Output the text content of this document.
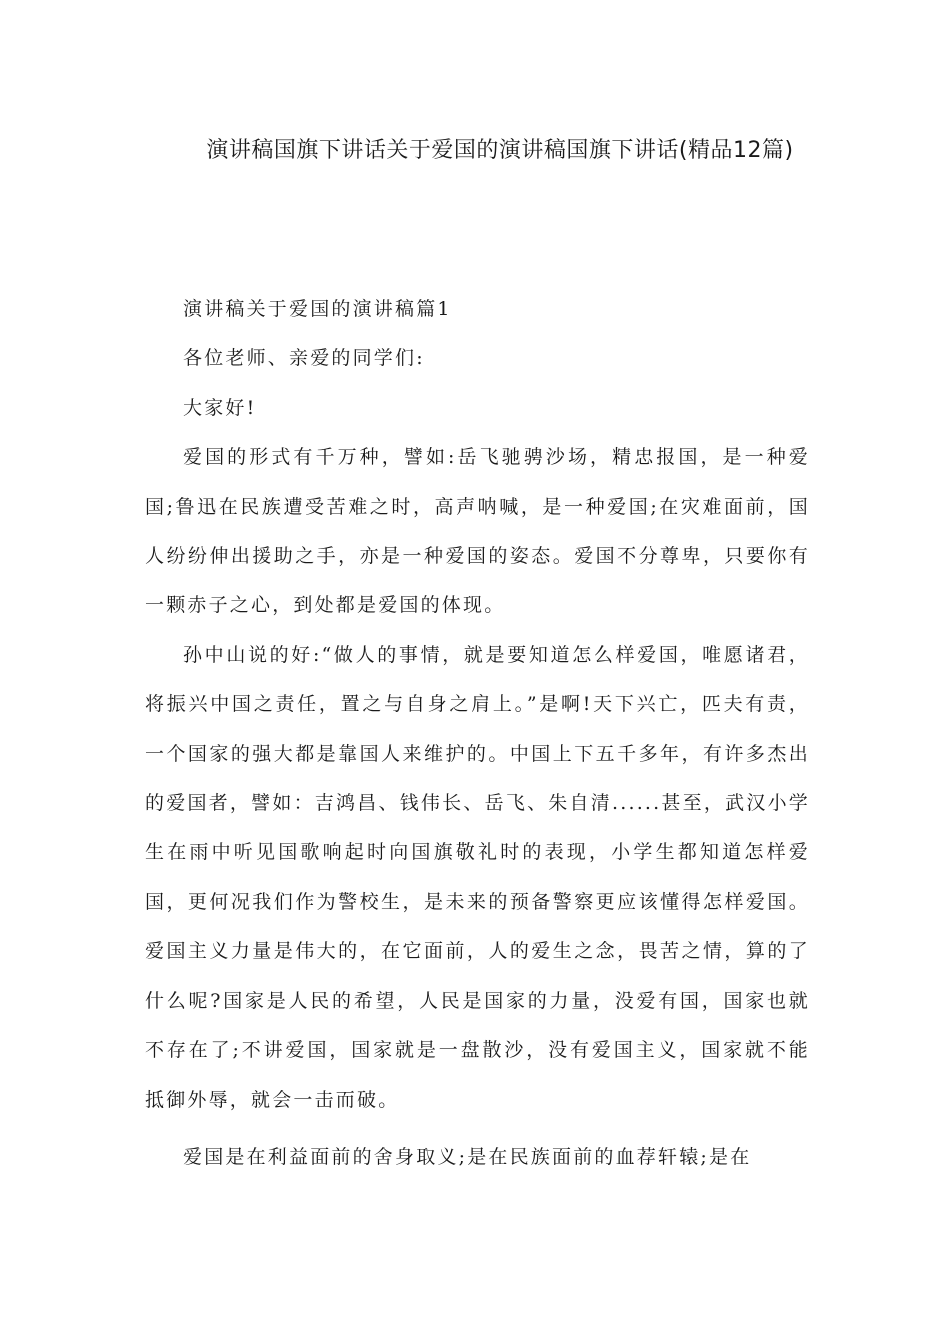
演讲稿国旗下讲话关于爱国的演讲稿国旗下讲话(精品12篇)

演讲稿关于爱国的演讲稿篇1

各位老师、亲爱的同学们:

大家好!

爱国的形式有千万种，譬如:岳飞驰骋沙场，精忠报国，是一种爱国;鲁迅在民族遭受苦难之时，高声呐喊，是一种爱国;在灾难面前，国人纷纷伸出援助之手，亦是一种爱国的姿态。爱国不分尊卑，只要你有一颗赤子之心，到处都是爱国的体现。

孙中山说的好:“做人的事情，就是要知道怎么样爱国，唯愿诸君，将振兴中国之责任，置之与自身之肩上。”是啊!天下兴亡，匹夫有责，一个国家的强大都是靠国人来维护的。中国上下五千多年，有许多杰出的爱国者，譬如：吉鸿昌、钱伟长、岳飞、朱自清......甚至，武汉小学生在雨中听见国歌响起时向国旗敬礼时的表现，小学生都知道怎样爱国，更何况我们作为警校生，是未来的预备警察更应该懂得怎样爱国。爱国主义力量是伟大的，在它面前，人的爱生之念，畏苦之情，算的了什么呢?国家是人民的希望，人民是国家的力量，没爱有国，国家也就不存在了;不讲爱国，国家就是一盘散沙，没有爱国主义，国家就不能抵御外辱，就会一击而破。

爱国是在利益面前的舍身取义;是在民族面前的血荐轩辕;是在
